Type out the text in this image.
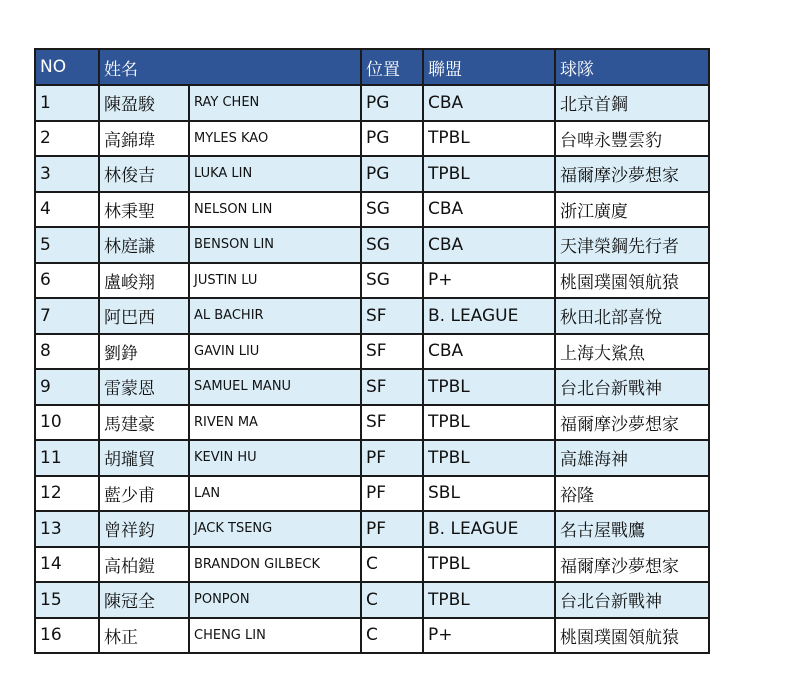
NO	姓名		位置	聯盟	球隊
1	陳盈駿	RAY CHEN	PG	CBA	北京首鋼
2	高錦瑋	MYLES KAO	PG	TPBL	台啤永豐雲豹
3	林俊吉	LUKA LIN	PG	TPBL	福爾摩沙夢想家
4	林秉聖	NELSON LIN	SG	CBA	浙江廣廈
5	林庭謙	BENSON LIN	SG	CBA	天津榮鋼先行者
6	盧峻翔	JUSTIN LU	SG	P+	桃園璞園領航猿
7	阿巴西	AL BACHIR	SF	B. LEAGUE	秋田北部喜悅
8	劉錚	GAVIN LIU	SF	CBA	上海大鯊魚
9	雷蒙恩	SAMUEL MANU	SF	TPBL	台北台新戰神
10	馬建豪	RIVEN MA	SF	TPBL	福爾摩沙夢想家
11	胡瓏貿	KEVIN HU	PF	TPBL	高雄海神
12	藍少甫	LAN	PF	SBL	裕隆
13	曾祥鈞	JACK TSENG	PF	B. LEAGUE	名古屋戰鷹
14	高柏鎧	BRANDON GILBECK	C	TPBL	福爾摩沙夢想家
15	陳冠全	PONPON	C	TPBL	台北台新戰神
16	林正	CHENG LIN	C	P+	桃園璞園領航猿
